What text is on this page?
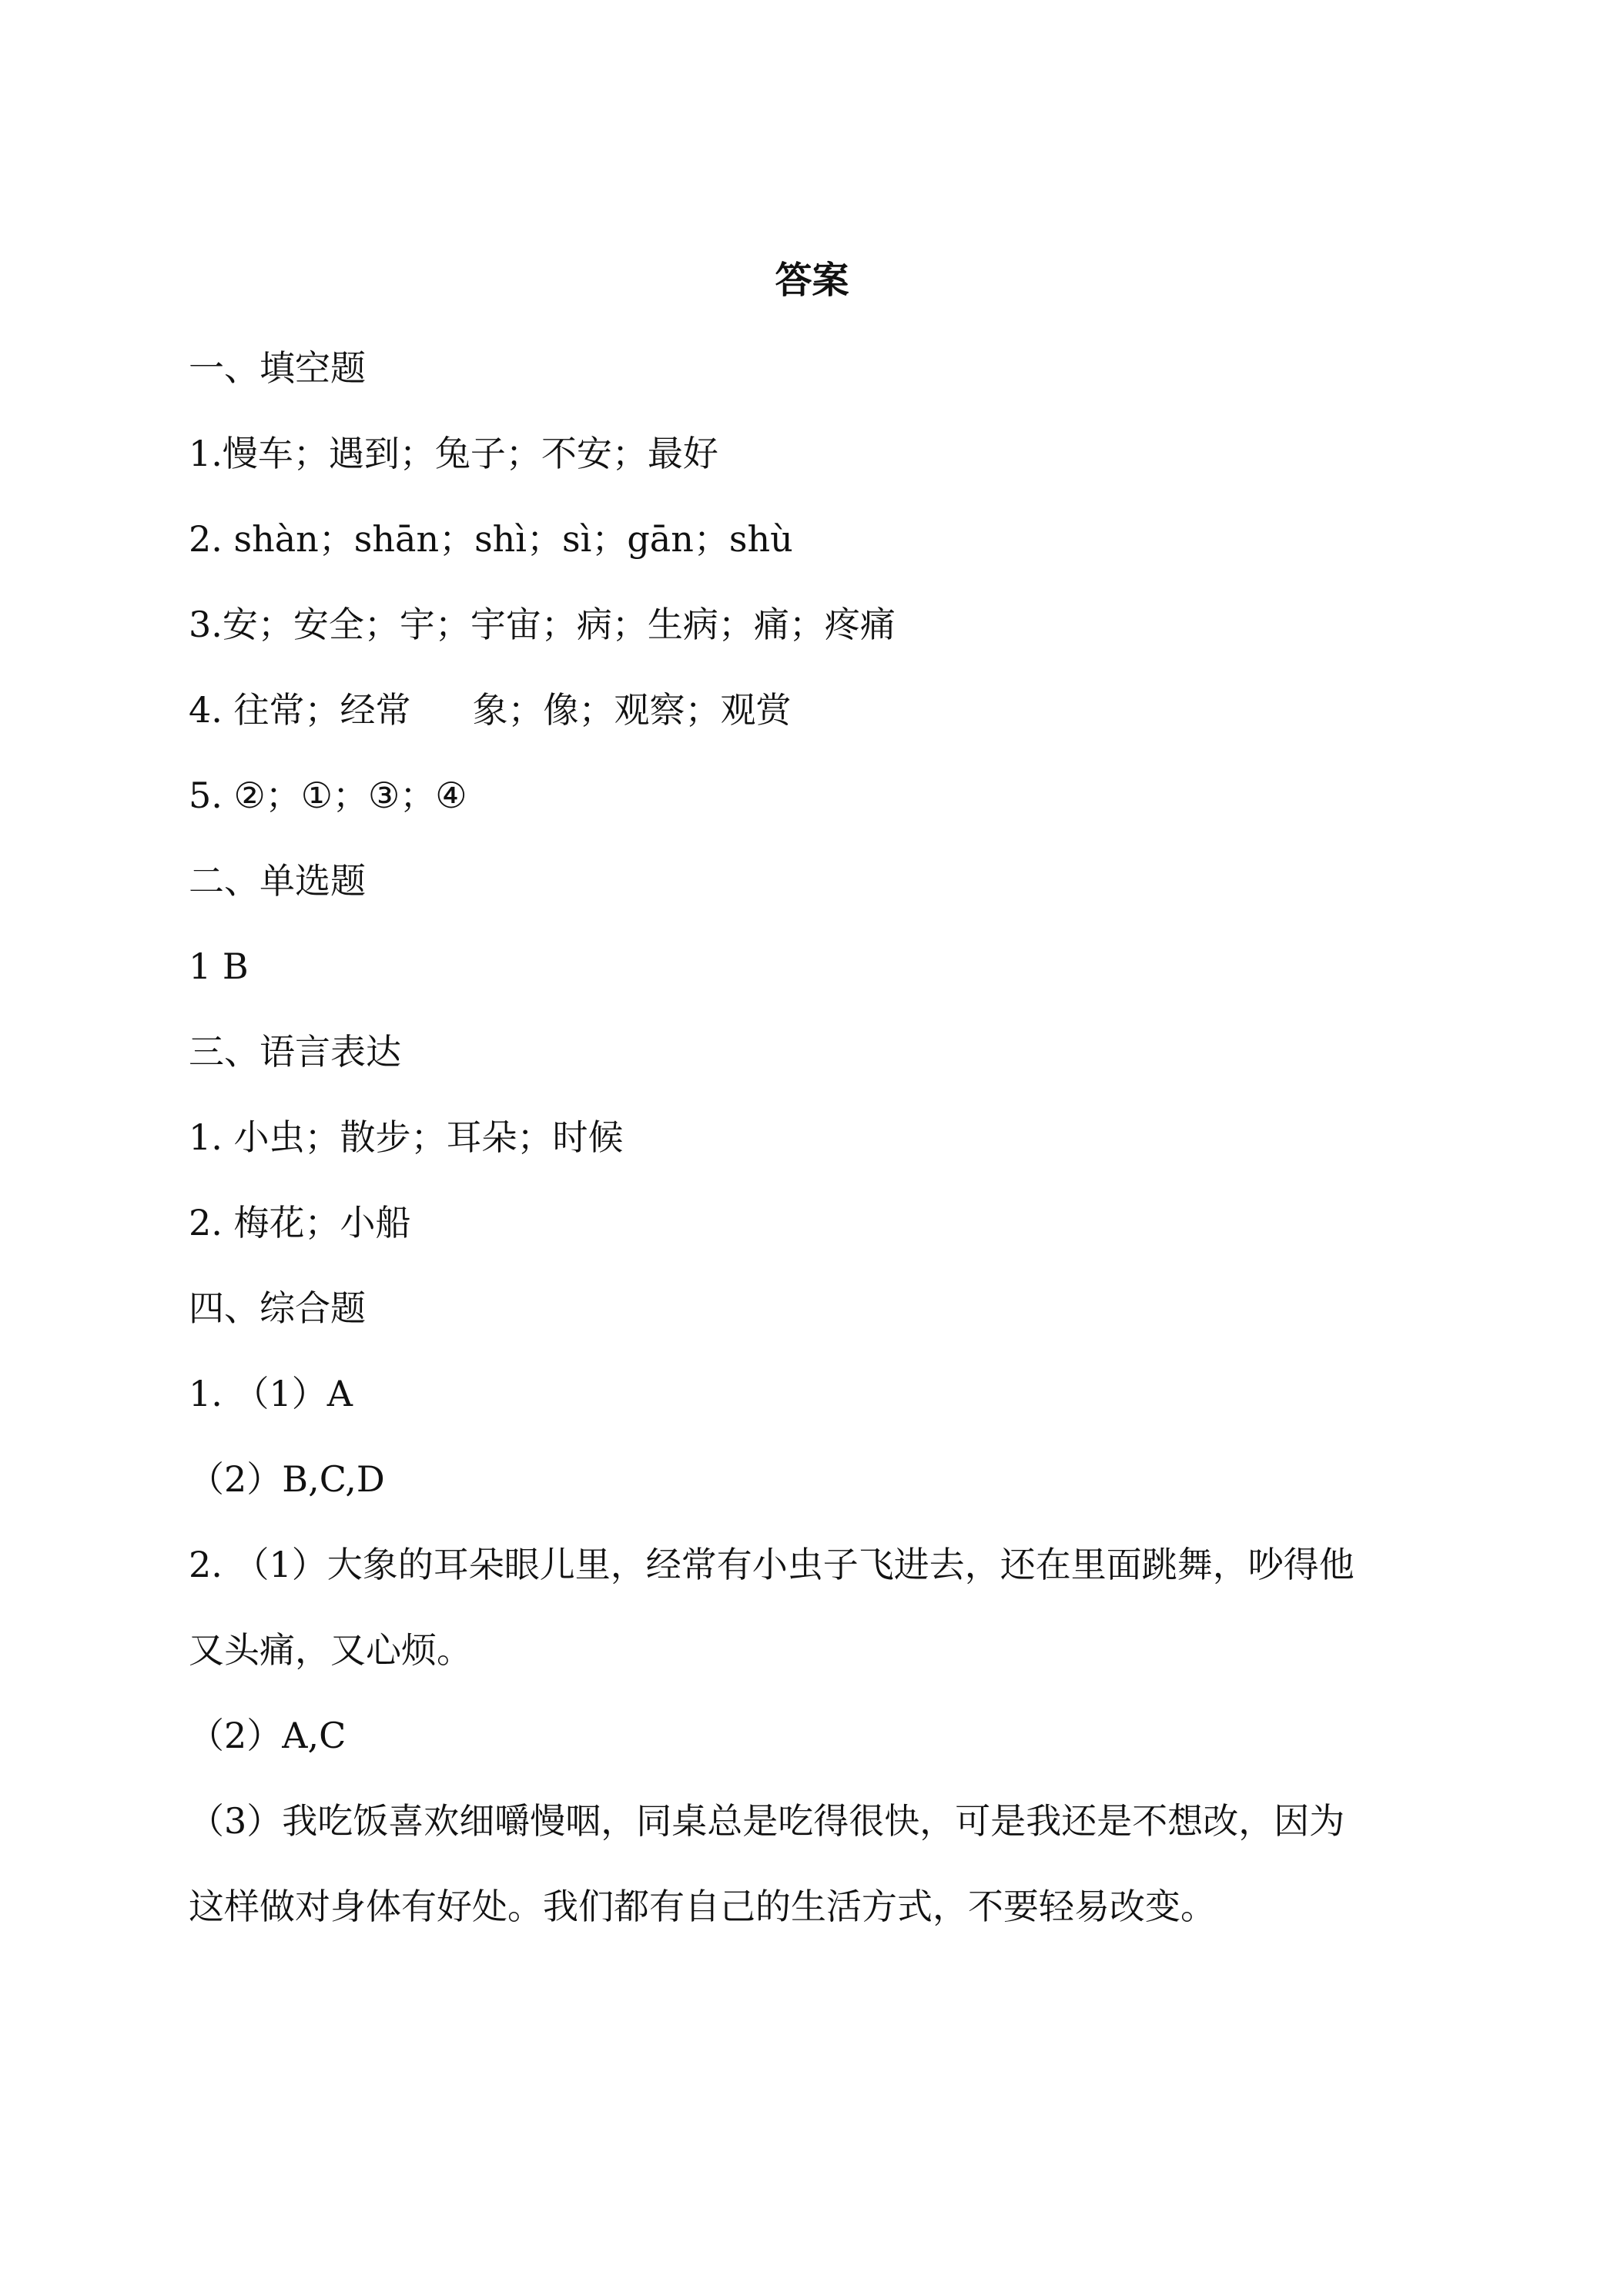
答案
一、填空题
1.慢车；遇到；兔子；不安；最好
2. shàn；shān；shì；sì；gān；shù
3.安；安全；宇；宇宙；病；生病；痛；疼痛
4. 往常；经常 象；像；观察；观赏
5. ②；①；③；④
二、单选题
1 B
三、语言表达
1. 小虫；散步；耳朵；时候
2. 梅花；小船
四、综合题
1. （1）A
（2）B,C,D
2. （1）大象的耳朵眼儿里，经常有小虫子飞进去，还在里面跳舞，吵得他
又头痛，又心烦。
（2）A,C
（3）我吃饭喜欢细嚼慢咽，同桌总是吃得很快，可是我还是不想改，因为
这样做对身体有好处。我们都有自己的生活方式，不要轻易改变。
